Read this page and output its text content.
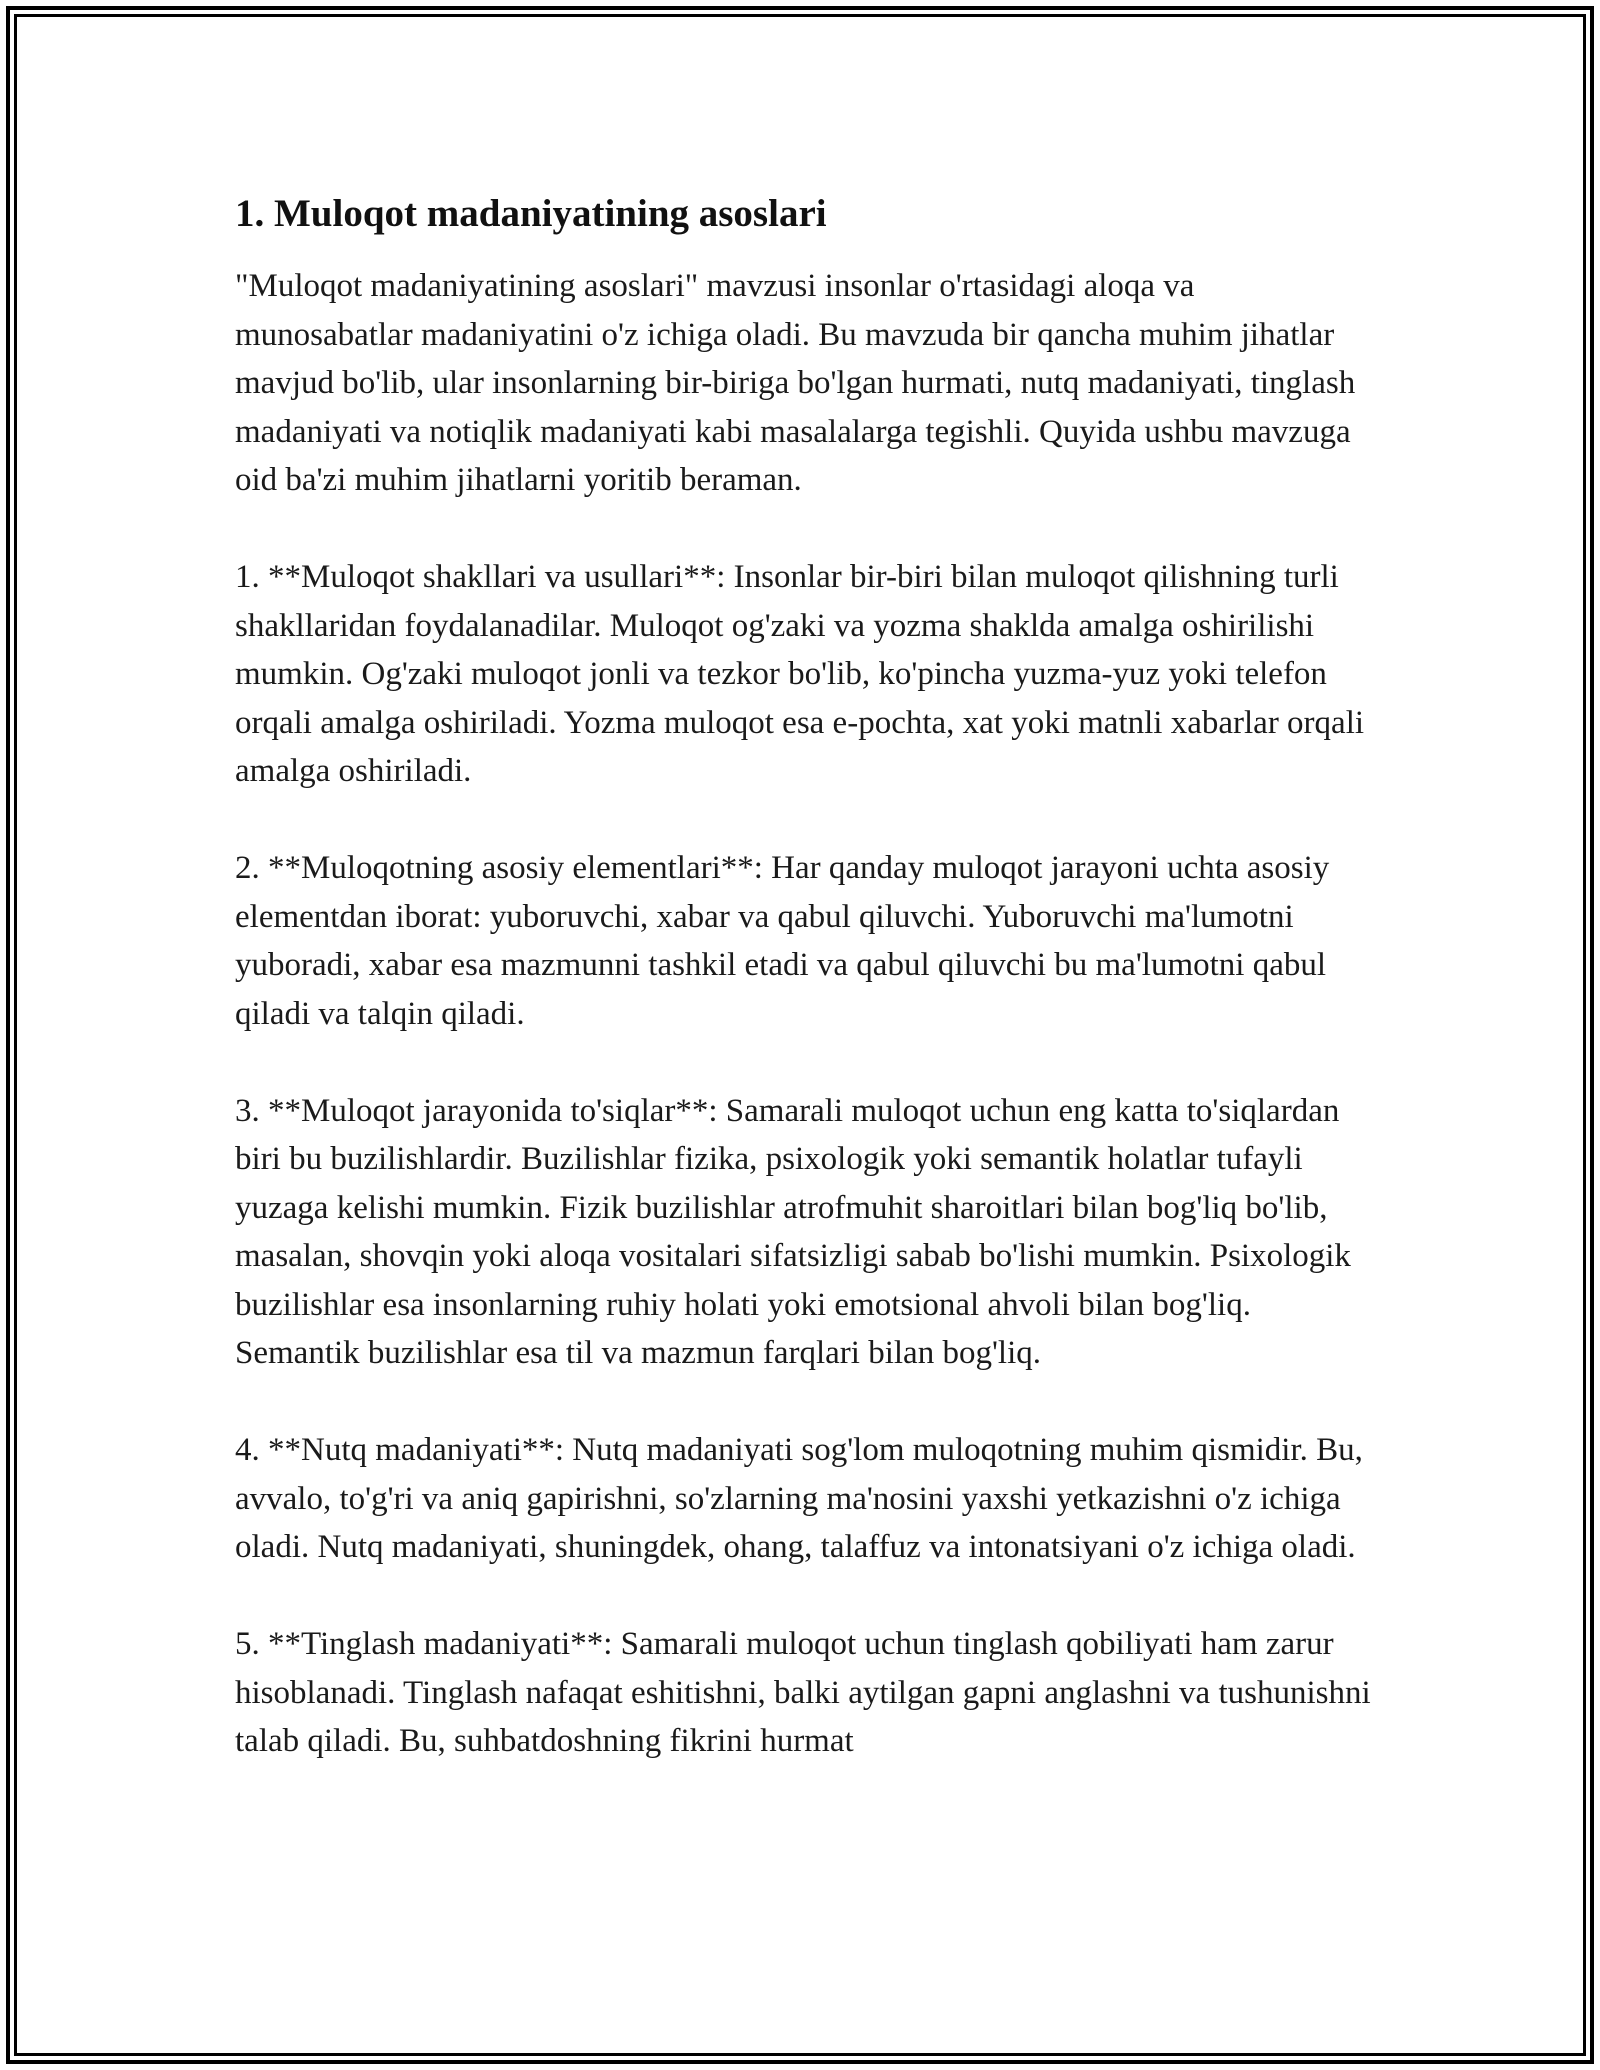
1. Muloqot madaniyatining asoslari

"Muloqot madaniyatining asoslari" mavzusi insonlar o'rtasidagi aloqa va munosabatlar madaniyatini o'z ichiga oladi. Bu mavzuda bir qancha muhim jihatlar mavjud bo'lib, ular insonlarning bir-biriga bo'lgan hurmati, nutq madaniyati, tinglash madaniyati va notiqlik madaniyati kabi masalalarga tegishli. Quyida ushbu mavzuga oid ba'zi muhim jihatlarni yoritib beraman.

1. **Muloqot shakllari va usullari**: Insonlar bir-biri bilan muloqot qilishning turli shakllaridan foydalanadilar. Muloqot og'zaki va yozma shaklda amalga oshirilishi mumkin. Og'zaki muloqot jonli va tezkor bo'lib, ko'pincha yuzma-yuz yoki telefon orqali amalga oshiriladi. Yozma muloqot esa e-pochta, xat yoki matnli xabarlar orqali amalga oshiriladi.

2. **Muloqotning asosiy elementlari**: Har qanday muloqot jarayoni uchta asosiy elementdan iborat: yuboruvchi, xabar va qabul qiluvchi. Yuboruvchi ma'lumotni yuboradi, xabar esa mazmunni tashkil etadi va qabul qiluvchi bu ma'lumotni qabul qiladi va talqin qiladi.

3. **Muloqot jarayonida to'siqlar**: Samarali muloqot uchun eng katta to'siqlardan biri bu buzilishlardir. Buzilishlar fizika, psixologik yoki semantik holatlar tufayli yuzaga kelishi mumkin. Fizik buzilishlar atrofmuhit sharoitlari bilan bog'liq bo'lib, masalan, shovqin yoki aloqa vositalari sifatsizligi sabab bo'lishi mumkin. Psixologik buzilishlar esa insonlarning ruhiy holati yoki emotsional ahvoli bilan bog'liq. Semantik buzilishlar esa til va mazmun farqlari bilan bog'liq.

4. **Nutq madaniyati**: Nutq madaniyati sog'lom muloqotning muhim qismidir. Bu, avvalo, to'g'ri va aniq gapirishni, so'zlarning ma'nosini yaxshi yetkazishni o'z ichiga oladi. Nutq madaniyati, shuningdek, ohang, talaffuz va intonatsiyani o'z ichiga oladi.

5. **Tinglash madaniyati**: Samarali muloqot uchun tinglash qobiliyati ham zarur hisoblanadi. Tinglash nafaqat eshitishni, balki aytilgan gapni anglashni va tushunishni talab qiladi. Bu, suhbatdoshning fikrini hurmat
